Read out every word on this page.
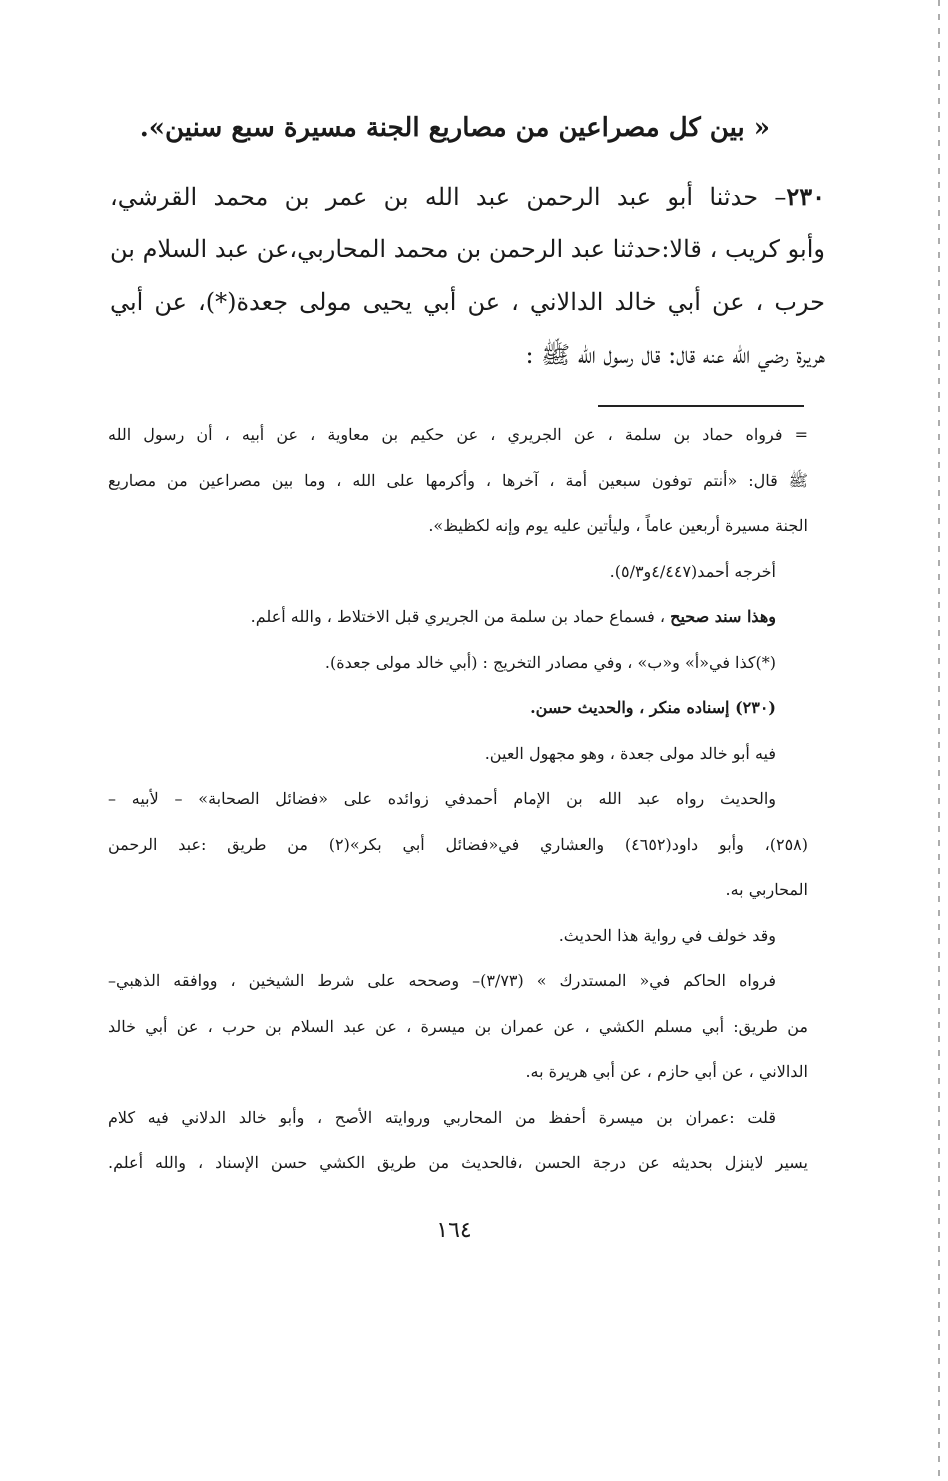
« بين كل مصراعين من مصاريع الجنة مسيرة سبع سنين».
٢٣٠– حدثنا أبو عبد الرحمن عبد الله بن عمر بن محمد القرشي،
وأبو كريب ، قالا:حدثنا عبد الرحمن بن محمد المحاربي،عن عبد السلام بن
حرب ، عن أبي خالد الدالاني ، عن أبي يحيى مولى جعدة(*)، عن أبي
هريرة رضي الله عنه قال: قال رسول الله ﷺ :
= فرواه حماد بن سلمة ، عن الجريري ، عن حكيم بن معاوية ، عن أبيه ، أن رسول الله
ﷺ قال: «أنتم توفون سبعين أمة ، آخرها ، وأكرمها على الله ، وما بين مصراعين من مصاريع
الجنة مسيرة أربعين عاماً ، وليأتين عليه يوم وإنه لكظيظ».
أخرجه أحمد(٤/٤٤٧و٥/٣).
وهذا سند صحيح ، فسماع حماد بن سلمة من الجريري قبل الاختلاط ، والله أعلم.
(*)كذا في«أ» و«ب» ، وفي مصادر التخريج : (أبي خالد مولى جعدة).
(٢٣٠) إسناده منكر ، والحديث حسن.
فيه أبو خالد مولى جعدة ، وهو مجهول العين.
والحديث رواه عبد الله بن الإمام أحمدفي زوائده على «فضائل الصحابة» – لأبيه –
(٢٥٨)، وأبو داود(٤٦٥٢) والعشاري في«فضائل أبي بكر»(٢) من طريق :عبد الرحمن
المحاربي به.
وقد خولف في رواية هذا الحديث.
فرواه الحاكم في« المستدرك » (٣/٧٣)– وصححه على شرط الشيخين ، ووافقه الذهبي–
من طريق: أبي مسلم الكشي ، عن عمران بن ميسرة ، عن عبد السلام بن حرب ، عن أبي خالد
الدالاني ، عن أبي حازم ، عن أبي هريرة به.
قلت :عمران بن ميسرة أحفظ من المحاربي وروايته الأصح ، وأبو خالد الدلاني فيه كلام
يسير لاينزل بحديثه عن درجة الحسن ،فالحديث من طريق الكشي حسن الإسناد ، والله أعلم.
١٦٤
